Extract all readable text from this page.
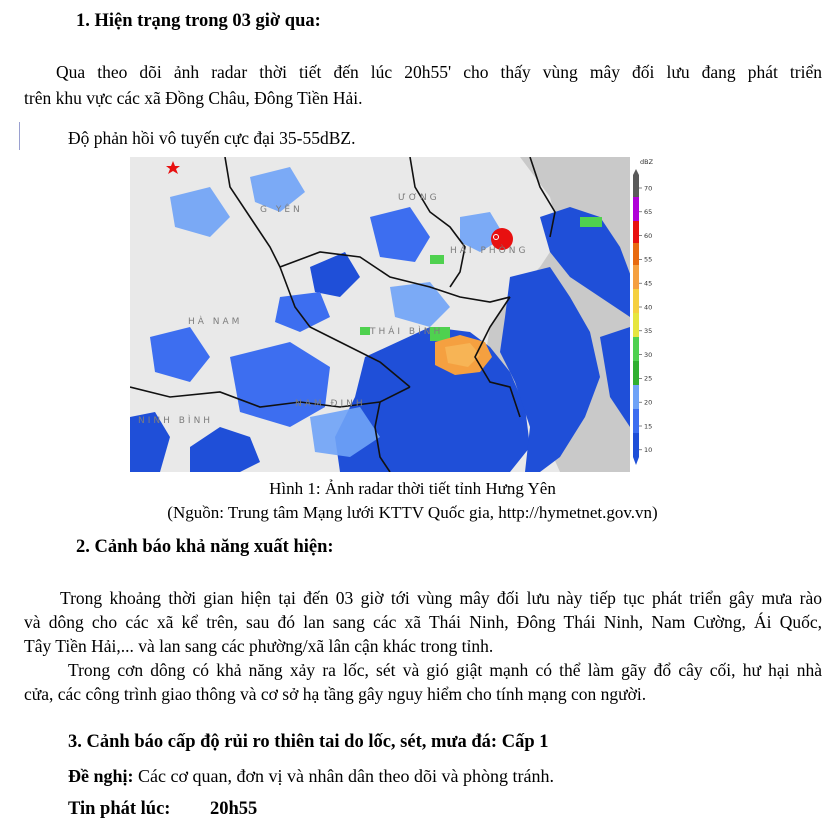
1. Hiện trạng trong 03 giờ qua:
Qua theo dõi ảnh radar thời tiết đến lúc 20h55' cho thấy vùng mây đối lưu đang phát triển
trên khu vực các xã Đồng Châu, Đông Tiền Hải.
Độ phản hồi vô tuyến cực đại 35-55dBZ.
G YÊN
ƯƠNG
HẢI PHÒNG
HÀ NAM
THÁI BÌNH
NAM ĐỊNH
NINH BÌNH
dBZ
70
65
60
55
45
40
35
30
25
20
15
10
Hình 1: Ảnh radar thời tiết tỉnh Hưng Yên
(Nguồn: Trung tâm Mạng lưới KTTV Quốc gia, http://hymetnet.gov.vn)
2. Cảnh báo khả năng xuất hiện:
Trong khoảng thời gian hiện tại đến 03 giờ tới vùng mây đối lưu này tiếp tục phát triển gây mưa rào
và dông cho các xã kể trên, sau đó lan sang các xã Thái Ninh, Đông Thái Ninh, Nam Cường, Ái Quốc,
Tây Tiền Hải,... và lan sang các phường/xã lân cận khác trong tỉnh.
Trong cơn dông có khả năng xảy ra lốc, sét và gió giật mạnh có thể làm gãy đổ cây cối, hư hại nhà
cửa, các công trình giao thông và cơ sở hạ tầng gây nguy hiểm cho tính mạng con người.
3. Cảnh báo cấp độ rủi ro thiên tai do lốc, sét, mưa đá: Cấp 1
Đề nghị: Các cơ quan, đơn vị và nhân dân theo dõi và phòng tránh.
Tin phát lúc: 20h55
